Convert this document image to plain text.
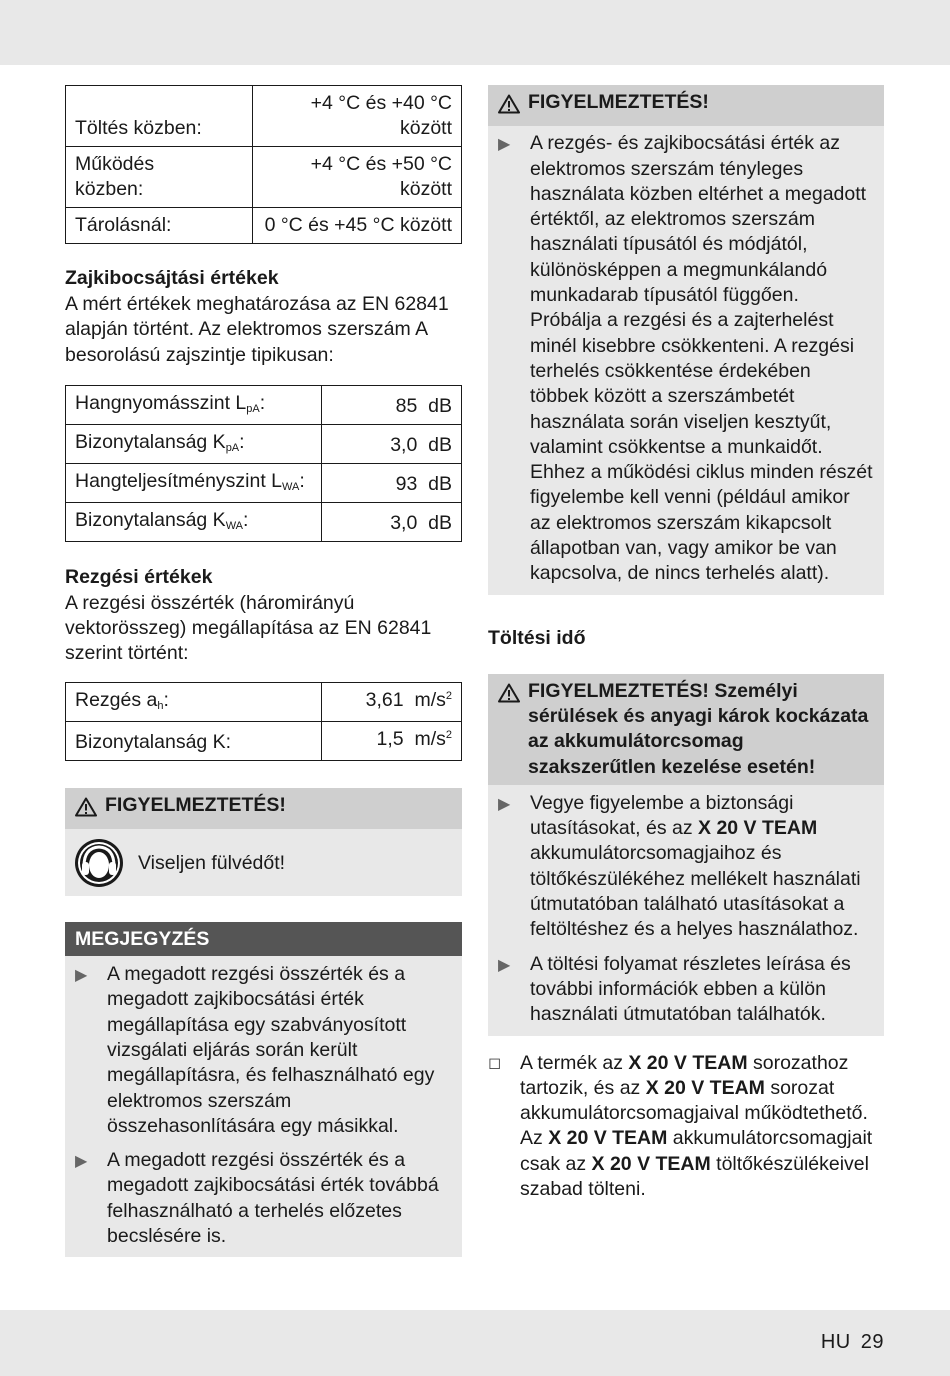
Töltés közben:	+4 °C és +40 °C között
Működés közben:	+4 °C és +50 °C között
Tárolásnál:	0 °C és +45 °C között
Zajkibocsájtási értékek

A mért értékek meghatározása az EN 62841 alapján történt. Az elektromos szerszám A besorolású zajszintje tipikusan:

Hangnyomásszint LpA:	85 dB
Bizonytalanság KpA:	3,0 dB
Hangteljesítményszint LWA:	93 dB
Bizonytalanság KWA:	3,0 dB
Rezgési értékek

A rezgési összérték (háromirányú vektorösszeg) megállapítása az EN 62841 szerint történt:

Rezgés ah:	3,61 $m/s^2$
Bizonytalanság K:	1,5 $m/s^2$
FIGYELMEZTETÉS!
Viseljen fülvédőt!
MEGJEGYZÉS
▶	A megadott rezgési összérték és a megadott zajkibocsátási érték megállapítása egy szabványosított vizsgálati eljárás során került megállapításra, és felhasználható egy elektromos szerszám összehasonlítására egy másikkal.
▶	A megadott rezgési összérték és a megadott zajkibocsátási érték továbbá felhasználható a terhelés előzetes becslésére is.
FIGYELMEZTETÉS!
▶	A rezgés- és zajkibocsátási érték az elektromos szerszám tényleges használata közben eltérhet a megadott értéktől, az elektromos szerszám használati típusától és módjától, különösképpen a megmunkálandó munkadarab típusától függően. Próbálja a rezgési és a zajterhelést minél kisebbre csökkenteni. A rezgési terhelés csökkentése érdekében többek között a szerszámbetét használata során viseljen kesztyűt, valamint csökkentse a munkaidőt. Ehhez a működési ciklus minden részét figyelembe kell venni (például amikor az elektromos szerszám kikapcsolt állapotban van, vagy amikor be van kapcsolva, de nincs terhelés alatt).
Töltési idő
FIGYELMEZTETÉS! Személyi sérülések és anyagi károk kockázata az akkumulátorcsomag szakszerűtlen kezelése esetén!
▶	Vegye figyelembe a biztonsági utasításokat, és az X 20 V TEAM akkumulátorcsomagjaihoz és töltőkészülékéhez mellékelt használati útmutatóban található utasításokat a feltöltéshez és a helyes használathoz.
▶	A töltési folyamat részletes leírása és további információk ebben a külön használati útmutatóban találhatók.
◻ A termék az X 20 V TEAM sorozathoz tartozik, és az X 20 V TEAM sorozat akkumulátorcsomagjaival működtethető. Az X 20 V TEAM akkumulátorcsomagjait csak az X 20 V TEAM töltőkészülékeivel szabad tölteni.
HU 29
